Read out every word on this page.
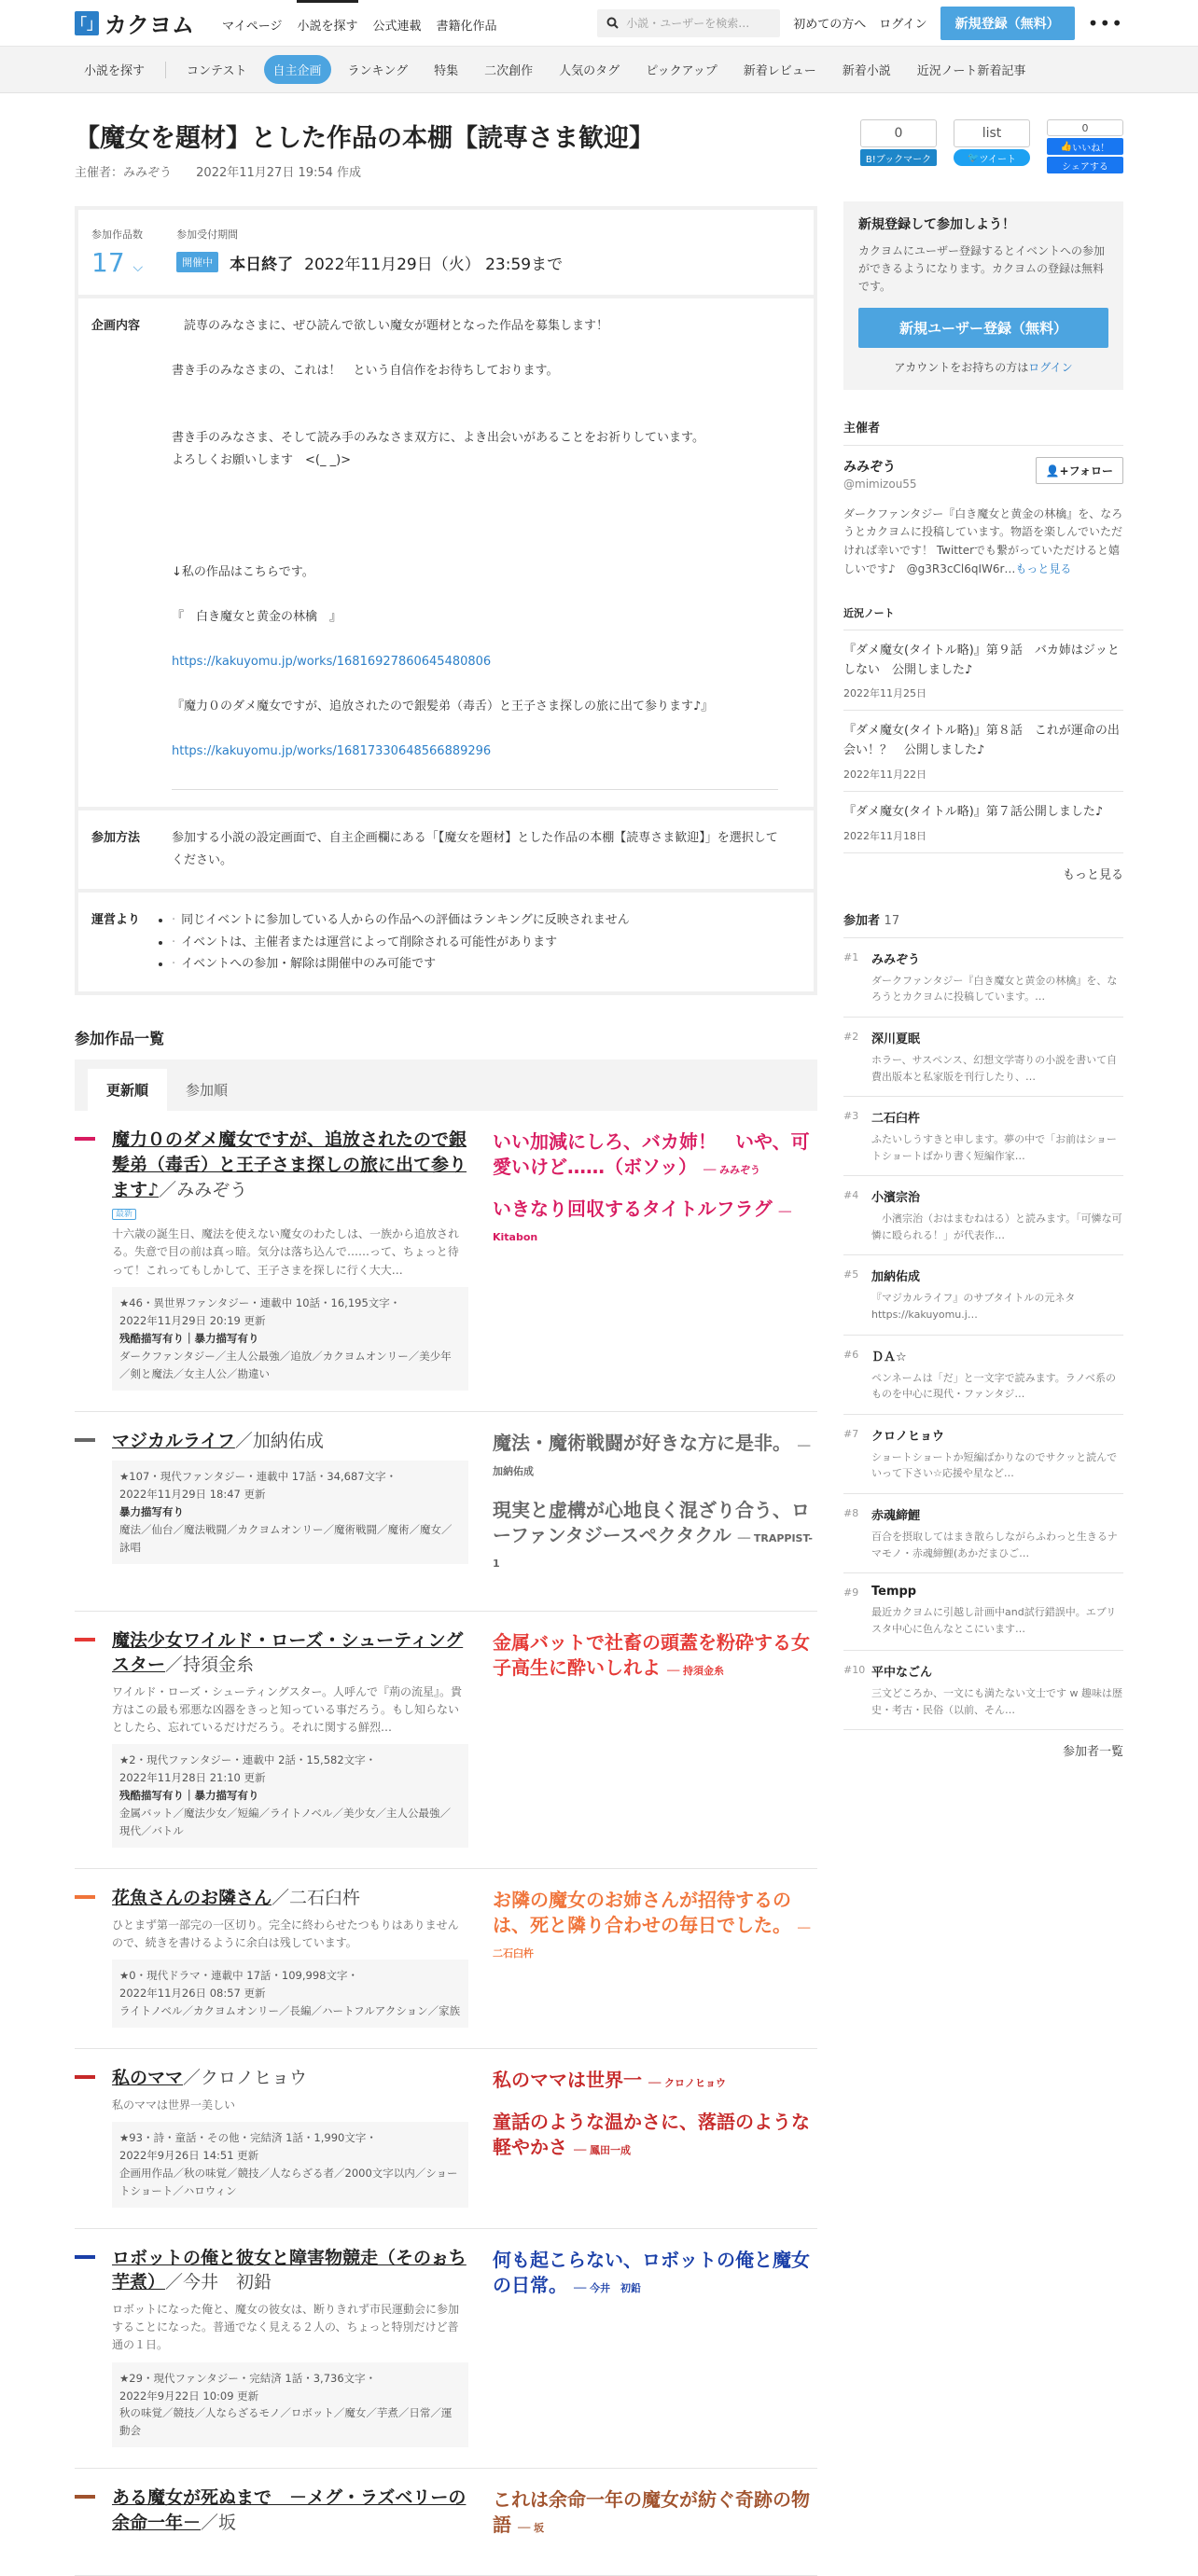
「」 カクヨム マイページ 小説を探す 公式連載 書籍化作品	小説・ユーザーを検索…	初めての方へ ログイン	新規登録（無料）	•••
小説を探す	コンテスト	自主企画	ランキング	特集	二次創作	人気のタグ	ピックアップ	新着レビュー	新着小説	近況ノート新着記事
【魔女を題材】とした作品の本棚【読専さま歓迎】
主催者：みみぞう 2022年11月27日 19:54 作成
参加作品数
17 ⌵
参加受付期間
開催中	本日終了 2022年11月29日（火） 23:59まで
企画内容	　読専のみなさまに、ぜひ読んで欲しい魔女が題材となった作品を募集します！

書き手のみなさまの、これは！　という自信作をお待ちしております。

書き手のみなさま、そして読み手のみなさま双方に、よき出会いがあることをお祈りしています。

よろしくお願いします　<(_ _)>

↓私の作品はこちらです。

『　白き魔女と黄金の林檎　』

https://kakuyomu.jp/works/16816927860645480806

『魔力０のダメ魔女ですが、追放されたので銀髪弟（毒舌）と王子さま探しの旅に出て参ります♪』

https://kakuyomu.jp/works/16817330648566889296

参加方法	参加する小説の設定画面で、自主企画欄にある「【魔女を題材】とした作品の本棚【読専さま歓迎】」を選択してください。
運営より	· • 同じイベントに参加している人からの作品への評価はランキングに反映されません
· • イベントは、主催者または運営によって削除される可能性があります
· • イベントへの参加・解除は開催中のみ可能です
参加作品一覧
更新順	参加順
魔力０のダメ魔女ですが、追放されたので銀髪弟（毒舌）と王子さま探しの旅に出て参ります♪／みみぞう
最新
十六歳の誕生日、魔法を使えない魔女のわたしは、一族から追放される。失意で目の前は真っ暗。気分は落ち込んで……って、ちょっと待って！これってもしかして、王子さまを探しに行く大大…
★46・異世界ファンタジー・連載中 10話・16,195文字・
2022年11月29日 20:19 更新
残酷描写有り｜暴力描写有り
ダークファンタジー／主人公最強／追放／カクヨムオンリー／美少年／剣と魔法／女主人公／勘違い
いい加減にしろ、バカ姉！　いや、可愛いけど……（ボソッ） ── みみぞう
いきなり回収するタイトルフラグ ── Kitabon
マジカルライフ／加納佑成
★107・現代ファンタジー・連載中 17話・34,687文字・
2022年11月29日 18:47 更新
暴力描写有り
魔法／仙台／魔法戦闘／カクヨムオンリー／魔術戦闘／魔術／魔女／詠唱
魔法・魔術戦闘が好きな方に是非。 ── 加納佑成
現実と虚構が心地良く混ざり合う、ローファンタジースペクタクル ── TRAPPIST-1
魔法少女ワイルド・ローズ・シューティングスター／持須金糸
ワイルド・ローズ・シューティングスター。人呼んで『荊の流星』。貴方はこの最も邪悪な凶器をきっと知っている事だろう。もし知らないとしたら、忘れているだけだろう。それに関する鮮烈…
★2・現代ファンタジー・連載中 2話・15,582文字・
2022年11月28日 21:10 更新
残酷描写有り｜暴力描写有り
金属バット／魔法少女／短編／ライトノベル／美少女／主人公最強／現代／バトル
金属バットで社畜の頭蓋を粉砕する女子高生に酔いしれよ ── 持須金糸
花魚さんのお隣さん／二石臼杵
ひとまず第一部完の一区切り。完全に終わらせたつもりはありませんので、続きを書けるように余白は残しています。
★0・現代ドラマ・連載中 17話・109,998文字・
2022年11月26日 08:57 更新
ライトノベル／カクヨムオンリー／長編／ハートフルアクション／家族
お隣の魔女のお姉さんが招待するのは、死と隣り合わせの毎日でした。 ── 二石臼杵
私のママ／クロノヒョウ
私のママは世界一美しい
★93・詩・童話・その他・完結済 1話・1,990文字・
2022年9月26日 14:51 更新
企画用作品／秋の味覚／競技／人ならざる者／2000文字以内／ショートショート／ハロウィン
私のママは世界一 ── クロノヒョウ
童話のような温かさに、落語のような軽やかさ ── 鳳田一成
ロボットの俺と彼女と障害物競走（そのぉち芋煮）／今井　初鉛
ロボットになった俺と、魔女の彼女は、断りきれず市民運動会に参加することになった。普通でなく見える２人の、ちょっと特別だけど普通の１日。
★29・現代ファンタジー・完結済 1話・3,736文字・
2022年9月22日 10:09 更新
秋の味覚／競技／人ならざるモノ／ロボット／魔女／芋煮／日常／運動会
何も起こらない、ロボットの俺と魔女の日常。 ── 今井　初鉛
ある魔女が死ぬまで　－メグ・ラズベリーの余命一年－／坂
これは余命一年の魔女が紡ぐ奇跡の物語 ── 坂
0
B!ブックマーク
list
🐦 ツイート
0
👍 いいね！
シェアする
新規登録して参加しよう！
カクヨムにユーザー登録するとイベントへの参加ができるようになります。カクヨムの登録は無料です。
新規ユーザー登録（無料）
アカウントをお持ちの方はログイン
主催者
みみぞう
@mimizou55
👤+フォロー
ダークファンタジー『白き魔女と黄金の林檎』を、なろうとカクヨムに投稿しています。物語を楽しんでいただければ幸いです！ Twitterでも繋がっていただけると嬉しいです♪　@g3R3cCl6qIW6r…もっと見る
近況ノート
『ダメ魔女(タイトル略)』第９話　バカ姉はジッとしない　公開しました♪
2022年11月25日
『ダメ魔女(タイトル略)』第８話　これが運命の出会い！？　公開しました♪
2022年11月22日
『ダメ魔女(タイトル略)』第７話公開しました♪
2022年11月18日
もっと見る
参加者 17
#1 みみぞう
ダークファンタジー『白き魔女と黄金の林檎』を、なろうとカクヨムに投稿しています。…
#2 深川夏眠
ホラー、サスペンス、幻想文学寄りの小説を書いて自費出版本と私家版を刊行したり、…
#3 二石臼杵
ふたいしうすきと申します。夢の中で「お前はショートショートばかり書く短編作家…
#4 小濱宗治
　小濱宗治（おはまむねはる）と読みます。「可憐な可憐に殴られる！」が代表作…
#5 加納佑成
『マジカルライフ』のサブタイトルの元ネタ　https://kakuyomu.j…
#6 ＤＡ☆
ペンネームは「だ」と一文字で読みます。ラノベ系のものを中心に現代・ファンタジ…
#7 クロノヒョウ
ショートショートか短編ばかりなのでサクッと読んでいって下さい☆応援や星など…
#8 赤魂締鯉
百合を摂取してはまき散らしながらふわっと生きるナマモノ・赤魂締鯉(あかだまひご…
#9 Tempp
最近カクヨムに引越し計画中and試行錯誤中。エブリスタ中心に色んなとこにいます…
#10 平中なごん
三文どころか、一文にも満たない文士です w 趣味は歴史・考古・民俗（以前、そん…
参加者一覧
